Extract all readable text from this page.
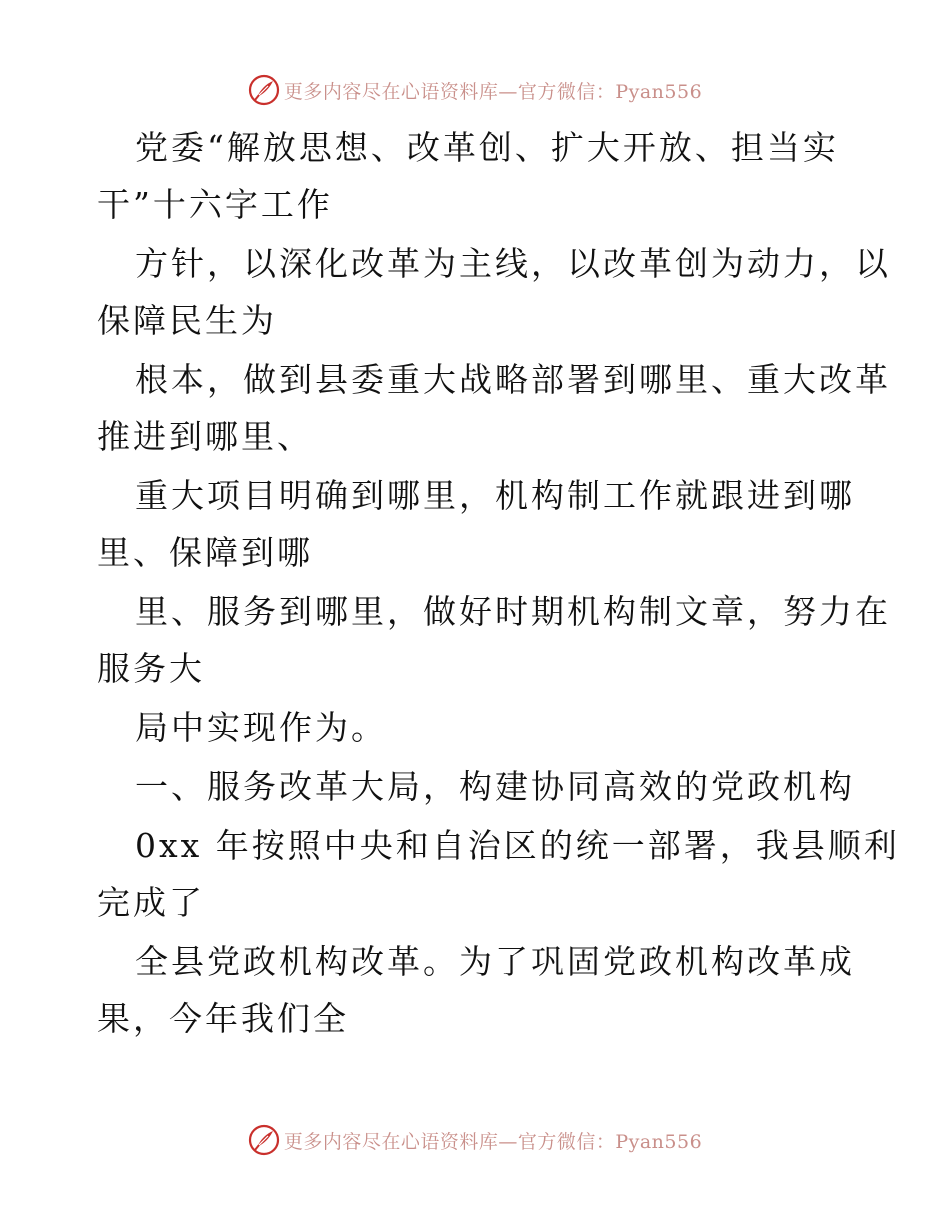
更多内容尽在心语资料库—官方微信：Pyan556
党委“解放思想、改革创、扩大开放、担当实
干”十六字工作
方针，以深化改革为主线，以改革创为动力，以
保障民生为
根本，做到县委重大战略部署到哪里、重大改革
推进到哪里、
重大项目明确到哪里，机构制工作就跟进到哪
里、保障到哪
里、服务到哪里，做好时期机构制文章，努力在
服务大
局中实现作为。
一、服务改革大局，构建协同高效的党政机构
0xx 年按照中央和自治区的统一部署，我县顺利
完成了
全县党政机构改革。为了巩固党政机构改革成
果，今年我们全
更多内容尽在心语资料库—官方微信：Pyan556
